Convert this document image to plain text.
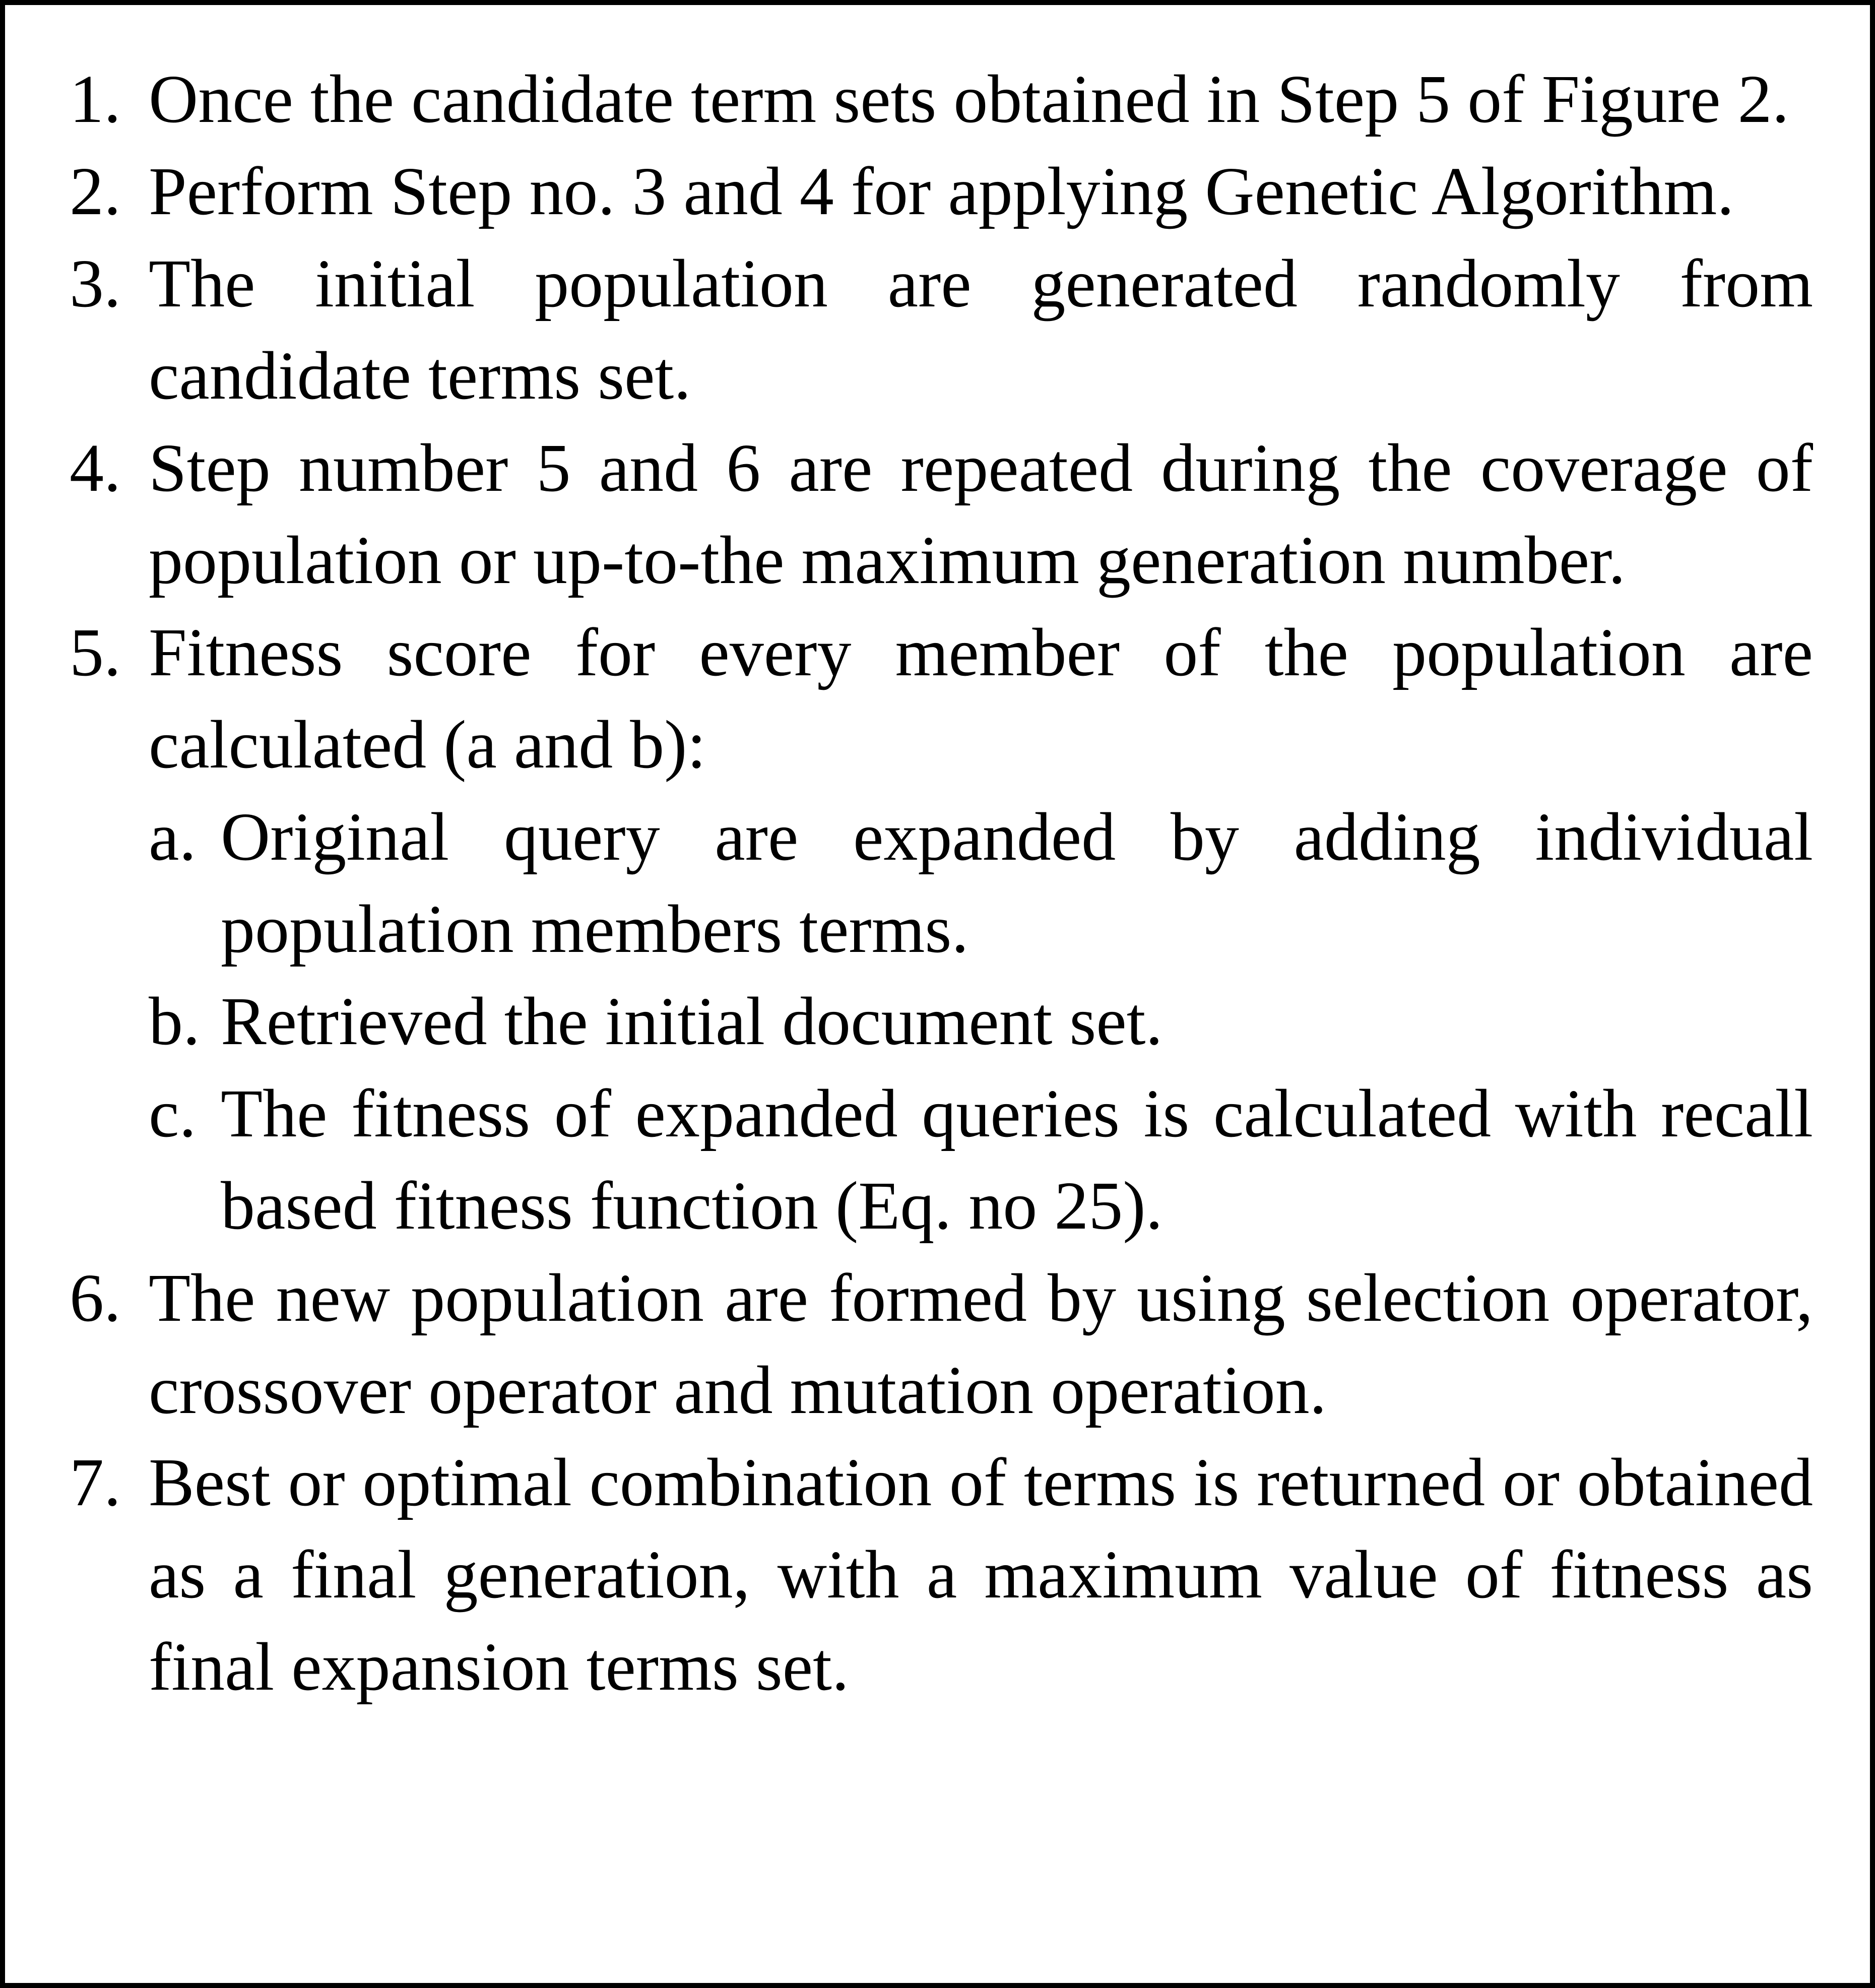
1. Once the candidate term sets obtained in Step 5 of Figure 2.
2. Perform Step no. 3 and 4 for applying Genetic Algorithm.
3. The initial population are generated randomly from candidate terms set.
4. Step number 5 and 6 are repeated during the coverage of population or up-to-the maximum generation number.
5. Fitness score for every member of the population are calculated (a and b):
a. Original query are expanded by adding individual population members terms.
b. Retrieved the initial document set.
c. The fitness of expanded queries is calculated with recall based fitness function (Eq. no 25).
6. The new population are formed by using selection operator, crossover operator and mutation operation.
7. Best or optimal combination of terms is returned or obtained as a final generation, with a maximum value of fitness as final expansion terms set.
